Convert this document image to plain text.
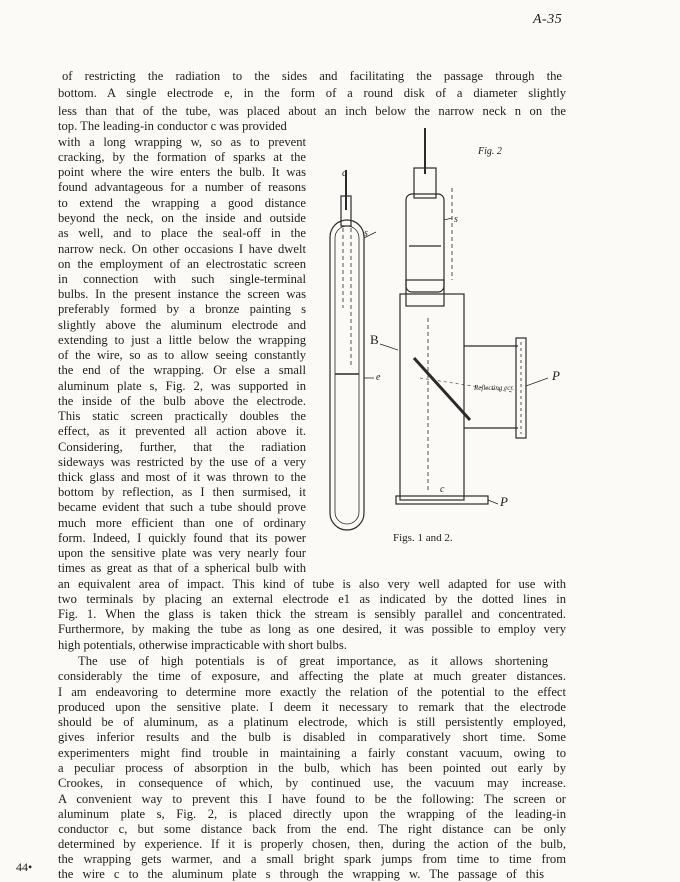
A-35

of restricting the radiation to the sides and facilitating the passage through the

bottom. A single electrode e, in the form of a round disk of a diameter slightly

less than that of the tube, was placed about an inch below the narrow neck n on the

top. The leading-in conductor c was provided

with a long wrapping w, so as to prevent

cracking, by the formation of sparks at the

point where the wire enters the bulb. It was

found advantageous for a number of reasons

to extend the wrapping a good distance

beyond the neck, on the inside and outside

as well, and to place the seal-off in the

narrow neck. On other occasions I have dwelt

on the employment of an electrostatic screen

in connection with such single-terminal

bulbs. In the present instance the screen was

preferably formed by a bronze painting s

slightly above the aluminum electrode and

extending to just a little below the wrapping

of the wire, so as to allow seeing constantly

the end of the wrapping. Or else a small

aluminum plate s, Fig. 2, was supported in

the inside of the bulb above the electrode.

This static screen practically doubles the

effect, as it prevented all action above it.

Considering, further, that the radiation

sideways was restricted by the use of a very

thick glass and most of it was thrown to the

bottom by reflection, as I then surmised, it

became evident that such a tube should prove

much more efficient than one of ordinary

form. Indeed, I quickly found that its power

upon the sensitive plate was very nearly four

times as great as that of a spherical bulb with

an equivalent area of impact. This kind of tube is also very well adapted for use with

two terminals by placing an external electrode e1 as indicated by the dotted lines in

Fig. 1. When the glass is taken thick the stream is sensibly parallel and concentrated.

Furthermore, by making the tube as long as one desired, it was possible to employ very

high potentials, otherwise impracticable with short bulbs.

The use of high potentials is of great importance, as it allows shortening

considerably the time of exposure, and affecting the plate at much greater distances.

I am endeavoring to determine more exactly the relation of the potential to the effect

produced upon the sensitive plate. I deem it necessary to remark that the electrode

should be of aluminum, as a platinum electrode, which is still persistently employed,

gives inferior results and the bulb is disabled in comparatively short time. Some

experimenters might find trouble in maintaining a fairly constant vacuum, owing to

a peculiar process of absorption in the bulb, which has been pointed out early by

Crookes, in consequence of which, by continued use, the vacuum may increase.

A convenient way to prevent this I have found to be the following: The screen or

aluminum plate s, Fig. 2, is placed directly upon the wrapping of the leading-in

conductor c, but some distance back from the end. The right distance can be only

determined by experience. If it is properly chosen, then, during the action of the bulb,

the wrapping gets warmer, and a small bright spark jumps from time to time from

the wire c to the aluminum plate s through the wrapping w. The passage of this

Fig. 2
c
s
e
s
B
P
P
c
Reflecting ecr.
Figs. 1 and 2.
44•
